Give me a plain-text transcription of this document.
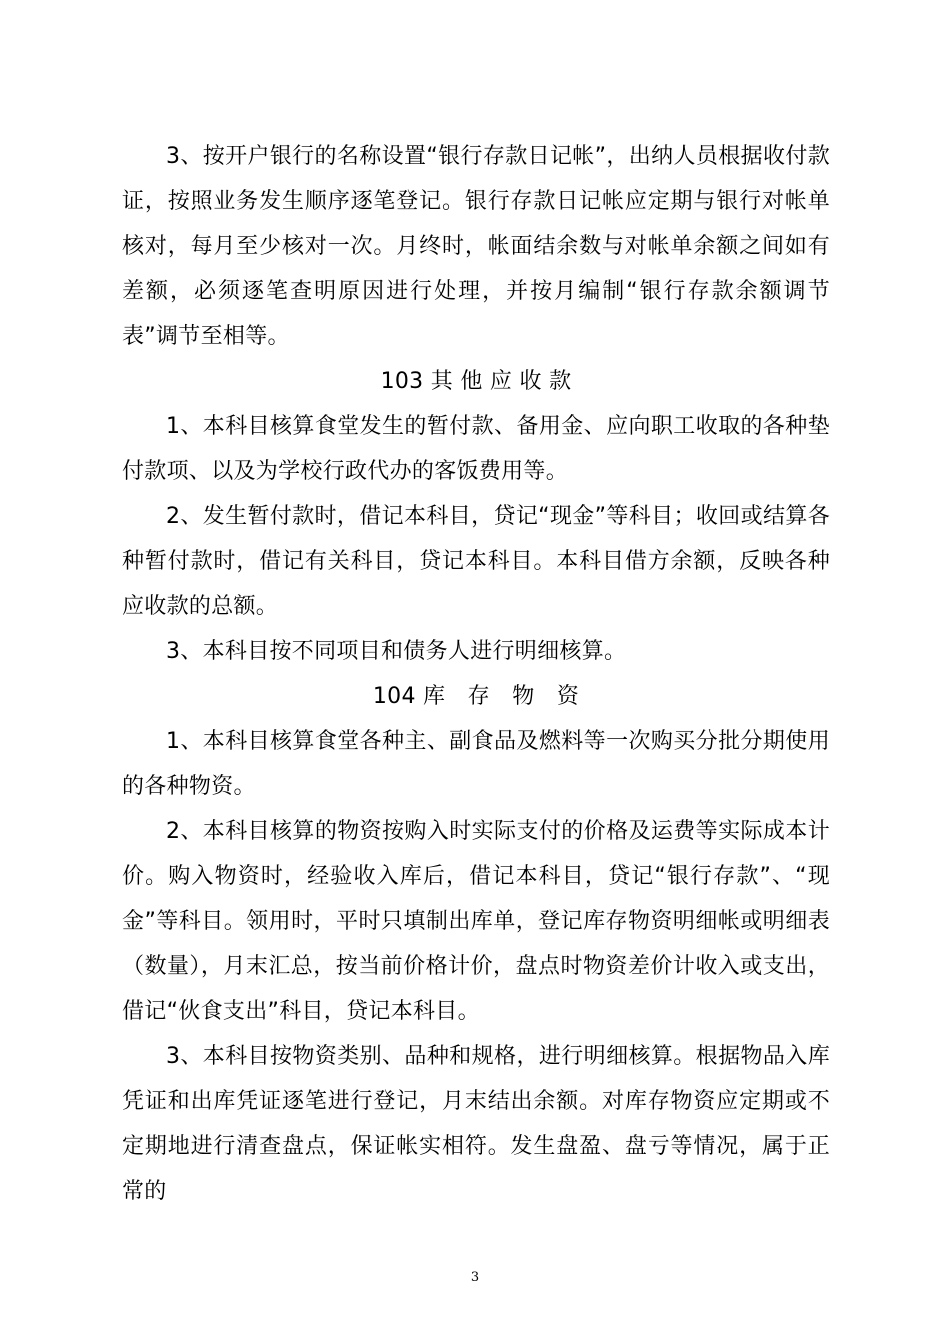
3、按开户银行的名称设置“银行存款日记帐”，出纳人员根据收付款证，按照业务发生顺序逐笔登记。银行存款日记帐应定期与银行对帐单核对，每月至少核对一次。月终时，帐面结余数与对帐单余额之间如有差额，必须逐笔查明原因进行处理，并按月编制“银行存款余额调节表”调节至相等。

103 其 他 应 收 款

1、本科目核算食堂发生的暂付款、备用金、应向职工收取的各种垫付款项、以及为学校行政代办的客饭费用等。

2、发生暂付款时，借记本科目，贷记“现金”等科目；收回或结算各种暂付款时，借记有关科目，贷记本科目。本科目借方余额，反映各种应收款的总额。

3、本科目按不同项目和债务人进行明细核算。

104 库　存　物　资

1、本科目核算食堂各种主、副食品及燃料等一次购买分批分期使用的各种物资。

2、本科目核算的物资按购入时实际支付的价格及运费等实际成本计价。购入物资时，经验收入库后，借记本科目，贷记“银行存款”、“现金”等科目。领用时，平时只填制出库单，登记库存物资明细帐或明细表（数量），月末汇总，按当前价格计价，盘点时物资差价计收入或支出，借记“伙食支出”科目，贷记本科目。

3、本科目按物资类别、品种和规格，进行明细核算。根据物品入库凭证和出库凭证逐笔进行登记，月末结出余额。对库存物资应定期或不定期地进行清查盘点，保证帐实相符。发生盘盈、盘亏等情况，属于正常的

3
